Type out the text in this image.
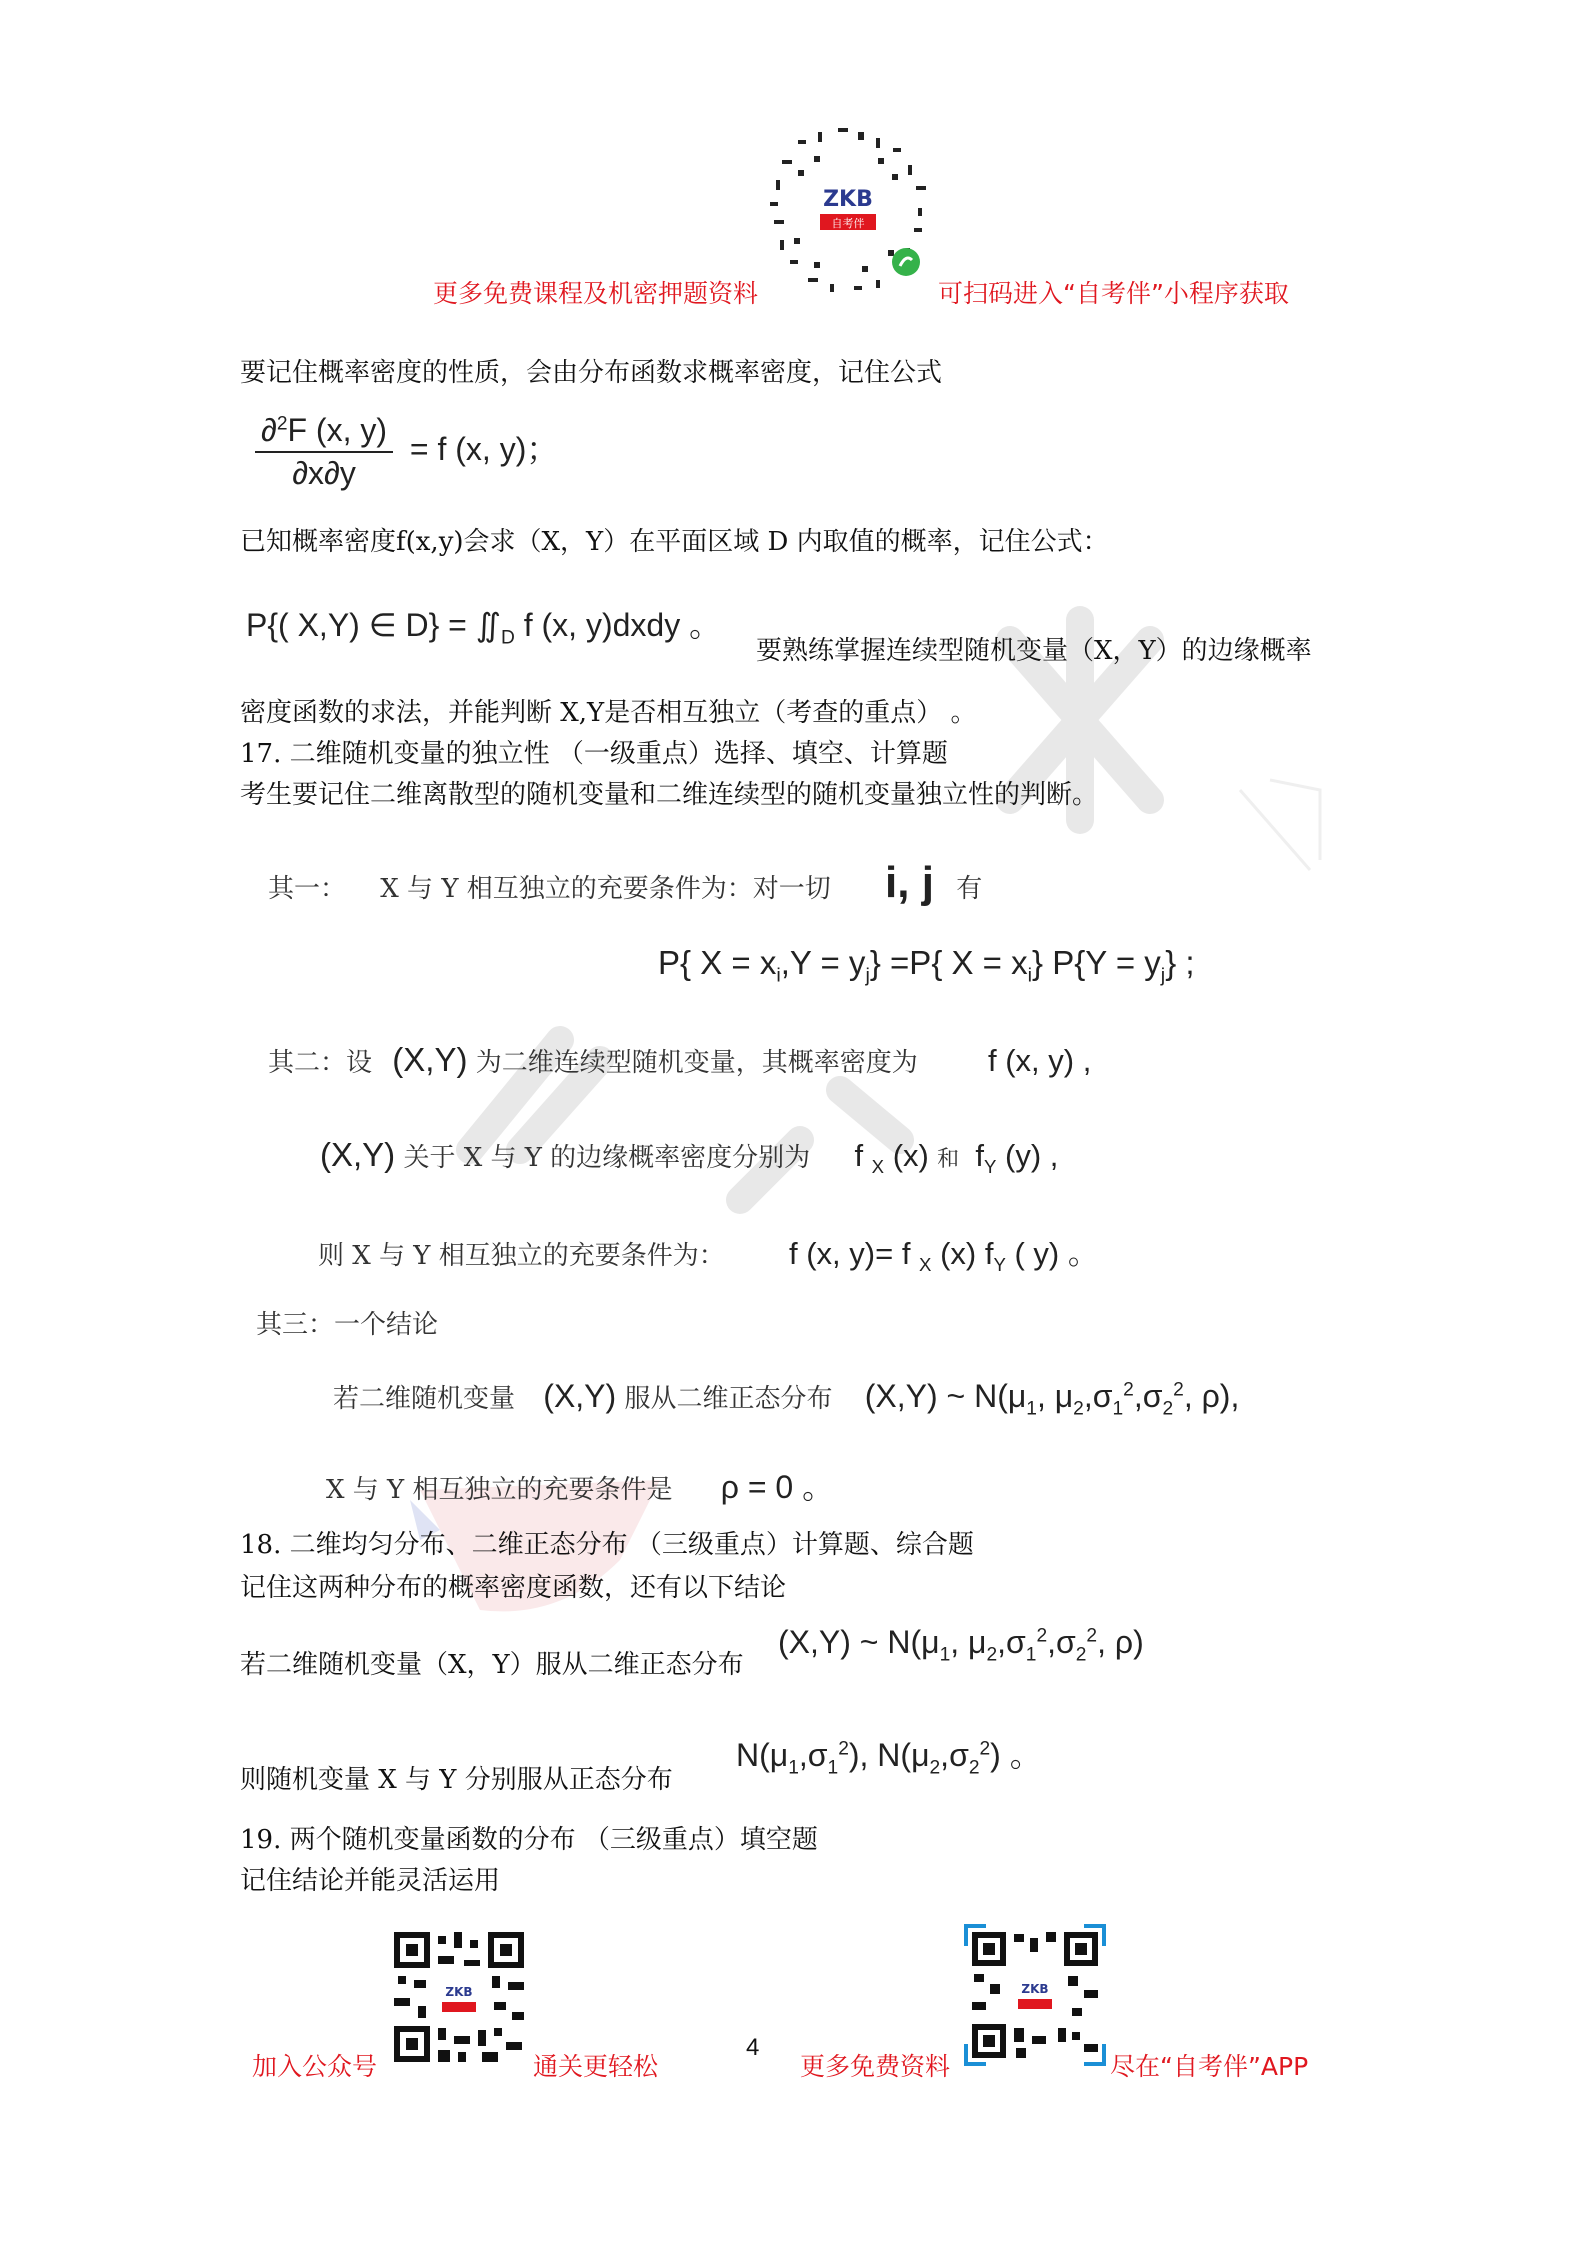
ZKB
自考伴
更多免费课程及机密押题资料	可扫码进入“自考伴”小程序获取
要记住概率密度的性质，会由分布函数求概率密度，记住公式
$\frac{\partial^2F (x, y)}{\partial x\partial y} = f$ (x, y)；
已知概率密度f(x,y)会求（X，Y）在平面区域 D 内取值的概率，记住公式：
P{( X,Y) ∈ $D\} = ∬_D$ f (x, y)dxdy 。
要熟练掌握连续型随机变量（X，Y）的边缘概率
密度函数的求法，并能判断 X,Y是否相互独立（考查的重点） 。
17. 二维随机变量的独立性 （一级重点）选择、填空、计算题
考生要记住二维离散型的随机变量和二维连续型的随机变量独立性的判断。
其一： X 与 Y 相互独立的充要条件为：对一切 i, j 有
P{ $X = x_i,Y = y_j\} =P${ $X = x_i$} $P\{Y = y_j\}$ ;
其二：设 (X,Y) 为二维连续型随机变量，其概率密度为 f (x, y) ,
(X,Y) 关于 X 与 Y 的边缘概率密度分别为 f $_X$ (x) 和 $f_Y$ (y) ,
则 X 与 Y 相互独立的充要条件为： f (x, y)= f $_X$ (x) $f_Y$ ( y) 。
其三：一个结论
若二维随机变量 (X,Y) 服从二维正态分布 (X,Y) ~ $N(\mu_1$, $\mu_2,\sigma_1^2,\sigma_2^2$, ρ),
X 与 Y 相互独立的充要条件是 ρ = 0 。
18. 二维均匀分布、二维正态分布 （三级重点）计算题、综合题
记住这两种分布的概率密度函数，还有以下结论
若二维随机变量（X，Y）服从二维正态分布
(X,Y) ~ $N(\mu_1$, $\mu_2,\sigma_1^2,\sigma_2^2$, ρ)
则随机变量 X 与 Y 分别服从正态分布
$N(\mu_1,\sigma_1^2)$, $N(\mu_2,\sigma_2^2)$ 。
19. 两个随机变量函数的分布 （三级重点）填空题
记住结论并能灵活运用
ZKB
加入公众号	通关更轻松
4
更多免费资料
ZKB
尽在“自考伴”APP
